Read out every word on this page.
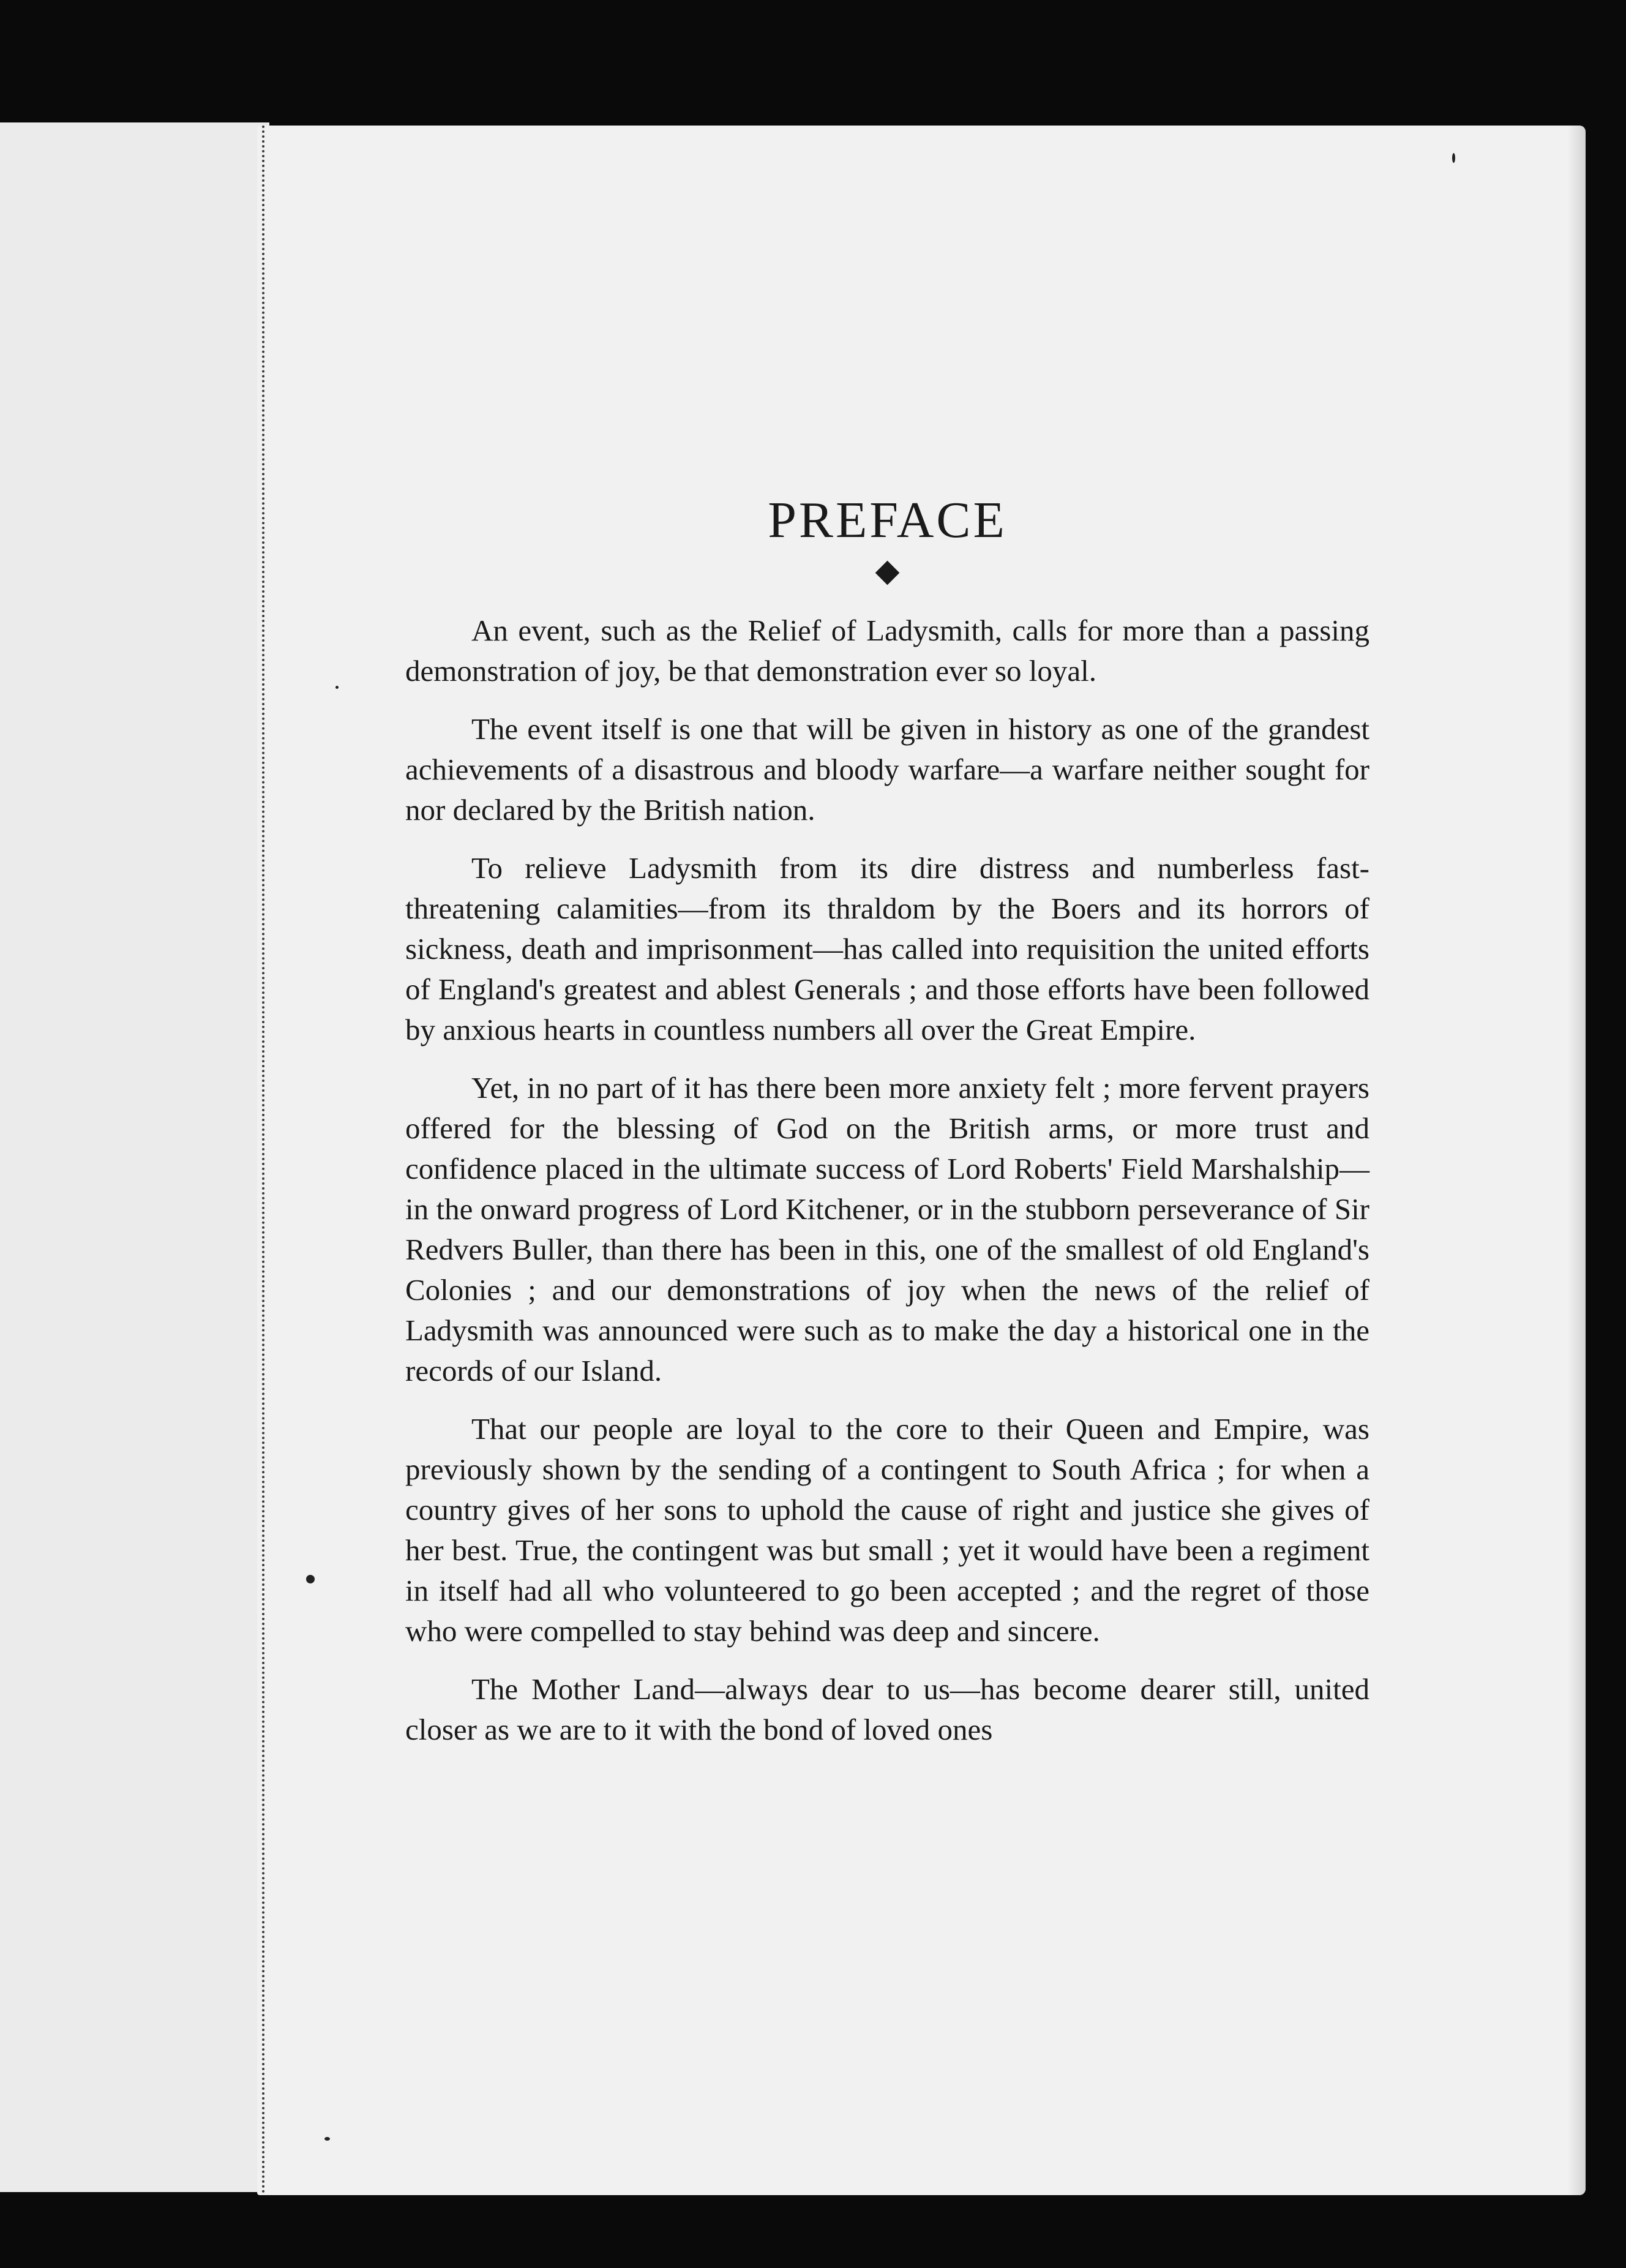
PREFACE
◆

An event, such as the Relief of Ladysmith, calls for more than a passing demonstration of joy, be that demonstration ever so loyal.

The event itself is one that will be given in history as one of the grandest achievements of a disastrous and bloody warfare—a warfare neither sought for nor declared by the British nation.

To relieve Ladysmith from its dire distress and numberless fast-threatening calamities—from its thraldom by the Boers and its horrors of sickness, death and imprisonment—has called into requisition the united efforts of England's greatest and ablest Generals ; and those efforts have been followed by anxious hearts in countless numbers all over the Great Empire.

Yet, in no part of it has there been more anxiety felt ; more fervent prayers offered for the blessing of God on the British arms, or more trust and confidence placed in the ultimate success of Lord Roberts' Field Marshalship—in the onward progress of Lord Kitchener, or in the stubborn perseverance of Sir Redvers Buller, than there has been in this, one of the smallest of old England's Colonies ; and our demonstrations of joy when the news of the relief of Ladysmith was announced were such as to make the day a historical one in the records of our Island.

That our people are loyal to the core to their Queen and Empire, was previously shown by the sending of a contingent to South Africa ; for when a country gives of her sons to uphold the cause of right and justice she gives of her best. True, the contingent was but small ; yet it would have been a regiment in itself had all who volunteered to go been accepted ; and the regret of those who were compelled to stay behind was deep and sincere.

The Mother Land—always dear to us—has become dearer still, united closer as we are to it with the bond of loved ones
